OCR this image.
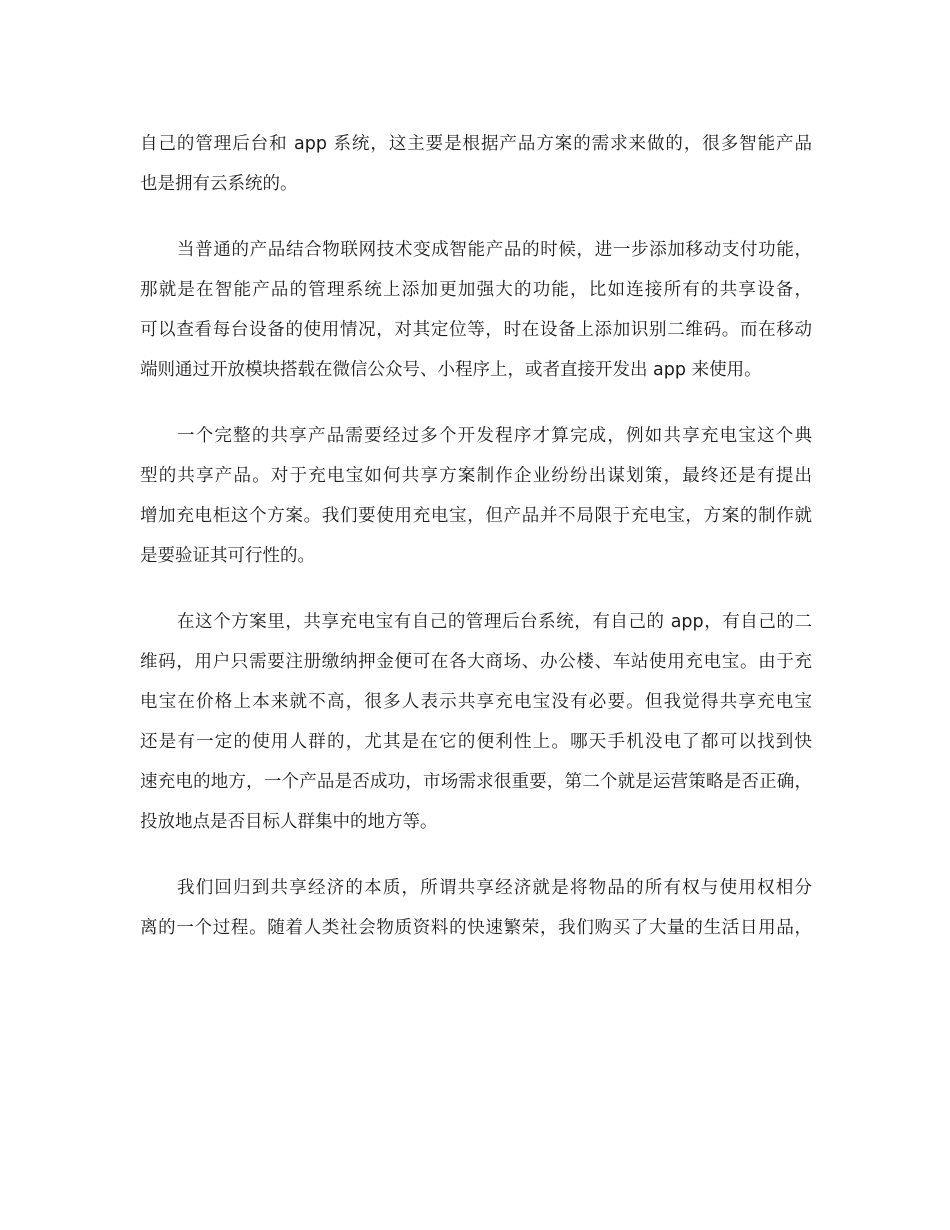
自己的管理后台和 app 系统，这主要是根据产品方案的需求来做的，很多智能产品
也是拥有云系统的。
当普通的产品结合物联网技术变成智能产品的时候，进一步添加移动支付功能，
那就是在智能产品的管理系统上添加更加强大的功能，比如连接所有的共享设备，
可以查看每台设备的使用情况，对其定位等，时在设备上添加识别二维码。而在移动
端则通过开放模块搭载在微信公众号、小程序上，或者直接开发出 app 来使用。
一个完整的共享产品需要经过多个开发程序才算完成，例如共享充电宝这个典
型的共享产品。对于充电宝如何共享方案制作企业纷纷出谋划策，最终还是有提出
增加充电柜这个方案。我们要使用充电宝，但产品并不局限于充电宝，方案的制作就
是要验证其可行性的。
在这个方案里，共享充电宝有自己的管理后台系统，有自己的 app，有自己的二
维码，用户只需要注册缴纳押金便可在各大商场、办公楼、车站使用充电宝。由于充
电宝在价格上本来就不高，很多人表示共享充电宝没有必要。但我觉得共享充电宝
还是有一定的使用人群的，尤其是在它的便利性上。哪天手机没电了都可以找到快
速充电的地方，一个产品是否成功，市场需求很重要，第二个就是运营策略是否正确，
投放地点是否目标人群集中的地方等。
我们回归到共享经济的本质，所谓共享经济就是将物品的所有权与使用权相分
离的一个过程。随着人类社会物质资料的快速繁荣，我们购买了大量的生活日用品，
